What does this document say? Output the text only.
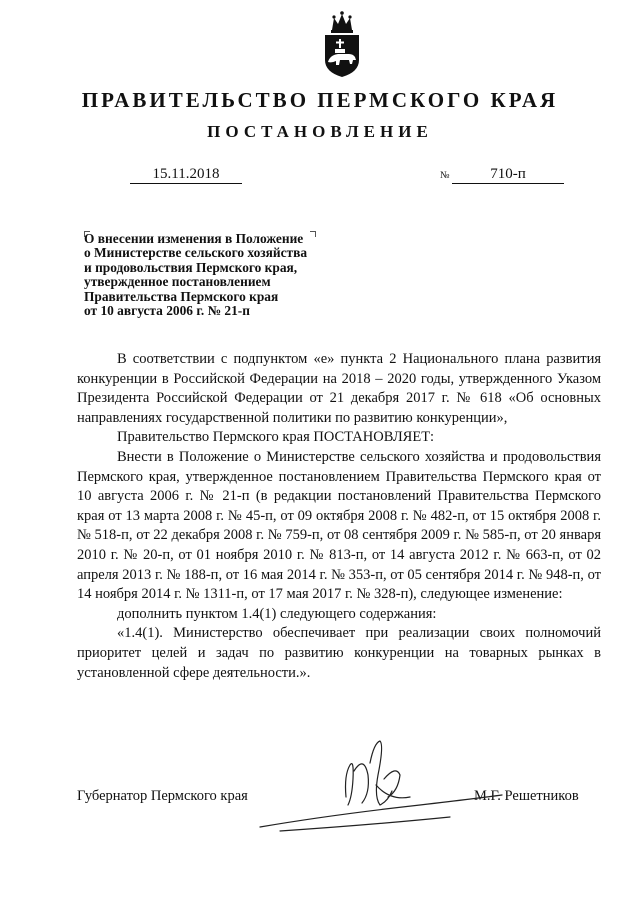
ПРАВИТЕЛЬСТВО ПЕРМСКОГО КРАЯ
ПОСТАНОВЛЕНИЕ
15.11.2018	№	710-п
О внесении изменения в Положение
о Министерстве сельского хозяйства
и продовольствия Пермского края,
утвержденное постановлением
Правительства Пермского края
от 10 августа 2006 г. № 21-п

В соответствии с подпунктом «е» пункта 2 Национального плана развития конкуренции в Российской Федерации на 2018 – 2020 годы, утвержденного Указом Президента Российской Федерации от 21 декабря 2017 г. № 618 «Об основных направлениях государственной политики по развитию конкуренции»,

Правительство Пермского края ПОСТАНОВЛЯЕТ:

Внести в Положение о Министерстве сельского хозяйства и продовольствия Пермского края, утвержденное постановлением Правительства Пермского края от 10 августа 2006 г. № 21-п (в редакции постановлений Правительства Пермского края от 13 марта 2008 г. № 45-п, от 09 октября 2008 г. № 482-п, от 15 октября 2008 г. № 518-п, от 22 декабря 2008 г. № 759-п, от 08 сентября 2009 г. № 585-п, от 20 января 2010 г. № 20-п, от 01 ноября 2010 г. № 813-п, от 14 августа 2012 г. № 663-п, от 02 апреля 2013 г. № 188-п, от 16 мая 2014 г. № 353-п, от 05 сентября 2014 г. № 948-п, от 14 ноября 2014 г. № 1311-п, от 17 мая 2017 г. № 328-п), следующее изменение:

дополнить пунктом 1.4(1) следующего содержания:

«1.4(1). Министерство обеспечивает при реализации своих полномочий приоритет целей и задач по развитию конкуренции на товарных рынках в установленной сфере деятельности.».

Губернатор Пермского края	М.Г. Решетников
